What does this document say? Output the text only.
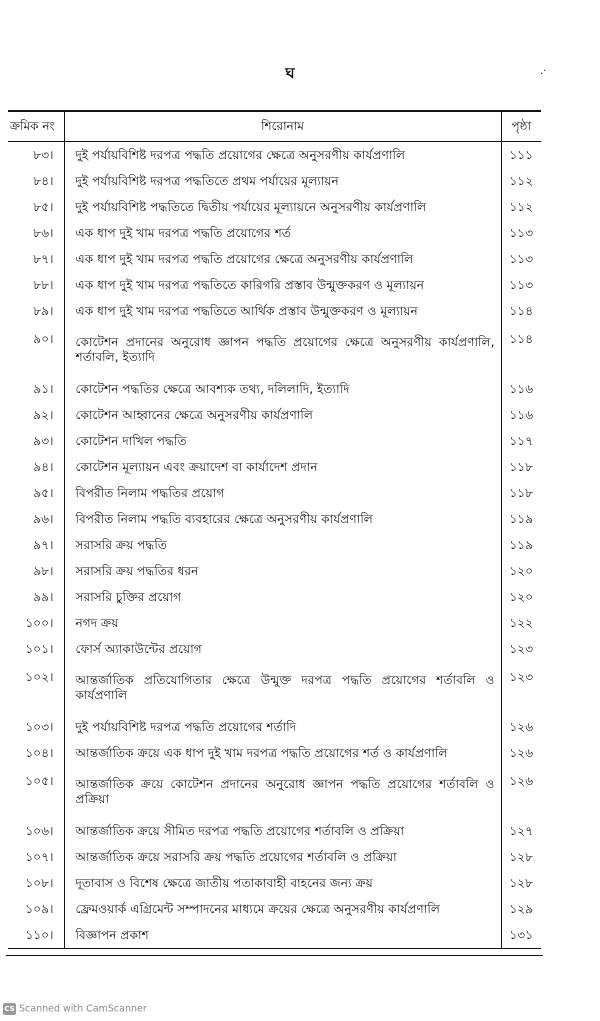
ঘ	.·
ক্রমিক নং	শিরোনাম	পৃষ্ঠা
৮৩।	দুই পর্যায়বিশিষ্ট দরপত্র পদ্ধতি প্রয়োগের ক্ষেত্রে অনুসরণীয় কার্যপ্রণালি	১১১
৮৪।	দুই পর্যায়বিশিষ্ট দরপত্র পদ্ধতিতে প্রথম পর্যায়ের মূল্যায়ন	১১২
৮৫।	দুই পর্যায়বিশিষ্ট পদ্ধতিতে দ্বিতীয় পর্যায়ের মূল্যায়নে অনুসরণীয় কার্যপ্রণালি	১১২
৮৬।	এক ধাপ দুই খাম দরপত্র পদ্ধতি প্রয়োগের শর্ত	১১৩
৮৭।	এক ধাপ দুই খাম দরপত্র পদ্ধতি প্রয়োগের ক্ষেত্রে অনুসরণীয় কার্যপ্রণালি	১১৩
৮৮।	এক ধাপ দুই খাম দরপত্র পদ্ধতিতে কারিগরি প্রস্তাব উন্মুক্তকরণ ও মূল্যায়ন	১১৩
৮৯।	এক ধাপ দুই খাম দরপত্র পদ্ধতিতে আর্থিক প্রস্তাব উন্মুক্তকরণ ও মূল্যায়ন	১১৪
৯০।	কোটেশন প্রদানের অনুরোধ জ্ঞাপন পদ্ধতি প্রয়োগের ক্ষেত্রে অনুসরণীয় কার্যপ্রণালি, শর্তাবলি, ইত্যাদি	১১৪
৯১।	কোটেশন পদ্ধতির ক্ষেত্রে আবশ্যক তথ্য, দলিলাদি, ইত্যাদি	১১৬
৯২।	কোটেশন আহ্বানের ক্ষেত্রে অনুসরণীয় কার্যপ্রণালি	১১৬
৯৩।	কোটেশন দাখিল পদ্ধতি	১১৭
৯৪।	কোটেশন মূল্যায়ন এবং ক্রয়াদেশ বা কার্যাদেশ প্রদান	১১৮
৯৫।	বিপরীত নিলাম পদ্ধতির প্রয়োগ	১১৮
৯৬।	বিপরীত নিলাম পদ্ধতি ব্যবহারের ক্ষেত্রে অনুসরণীয় কার্যপ্রণালি	১১৯
৯৭।	সরাসরি ক্রয় পদ্ধতি	১১৯
৯৮।	সরাসরি ক্রয় পদ্ধতির ধরন	১২০
৯৯।	সরাসরি চুক্তির প্রয়োগ	১২০
১০০।	নগদ ক্রয়	১২২
১০১।	ফোর্স অ্যাকাউন্টের প্রয়োগ	১২৩
১০২।	আন্তর্জাতিক প্রতিযোগিতার ক্ষেত্রে উন্মুক্ত দরপত্র পদ্ধতি প্রয়োগের শর্তাবলি ও কার্যপ্রণালি	১২৩
১০৩।	দুই পর্যায়বিশিষ্ট দরপত্র পদ্ধতি প্রয়োগের শর্তাদি	১২৬
১০৪।	আন্তর্জাতিক ক্রয়ে এক ধাপ দুই খাম দরপত্র পদ্ধতি প্রয়োগের শর্ত ও কার্যপ্রণালি	১২৬
১০৫।	আন্তর্জাতিক ক্রয়ে কোটেশন প্রদানের অনুরোধ জ্ঞাপন পদ্ধতি প্রয়োগের শর্তাবলি ও প্রক্রিয়া	১২৬
১০৬।	আন্তর্জাতিক ক্রয়ে সীমিত দরপত্র পদ্ধতি প্রয়োগের শর্তাবলি ও প্রক্রিয়া	১২৭
১০৭।	আন্তর্জাতিক ক্রয়ে সরাসরি ক্রয় পদ্ধতি প্রয়োগের শর্তাবলি ও প্রক্রিয়া	১২৮
১০৮।	দূতাবাস ও বিশেষ ক্ষেত্রে জাতীয় পতাকাবাহী বাহনের জন্য ক্রয়	১২৮
১০৯।	ফ্রেমওয়ার্ক এগ্রিমেন্ট সম্পাদনের মাধ্যমে ক্রয়ের ক্ষেত্রে অনুসরণীয় কার্যপ্রণালি	১২৯
১১০।	বিজ্ঞাপন প্রকাশ	১৩১
CS Scanned with CamScanner
